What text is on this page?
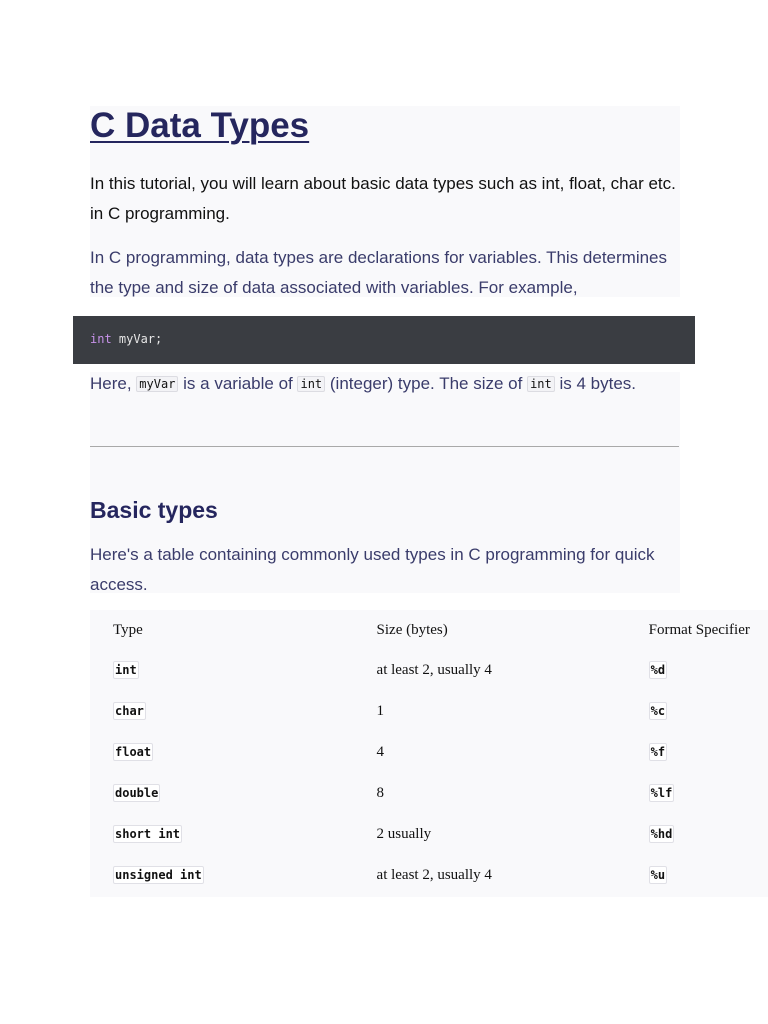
C Data Types

In this tutorial, you will learn about basic data types such as int, float, char etc. in C programming.

In C programming, data types are declarations for variables. This determines the type and size of data associated with variables. For example,

int myVar;

Here, myVar is a variable of int (integer) type. The size of int is 4 bytes.

Basic types

Here's a table containing commonly used types in C programming for quick access.

Type	Size (bytes)	Format Specifier
int	at least 2, usually 4	%d
char	1	%c
float	4	%f
double	8	%lf
short int	2 usually	%hd
unsigned int	at least 2, usually 4	%u
